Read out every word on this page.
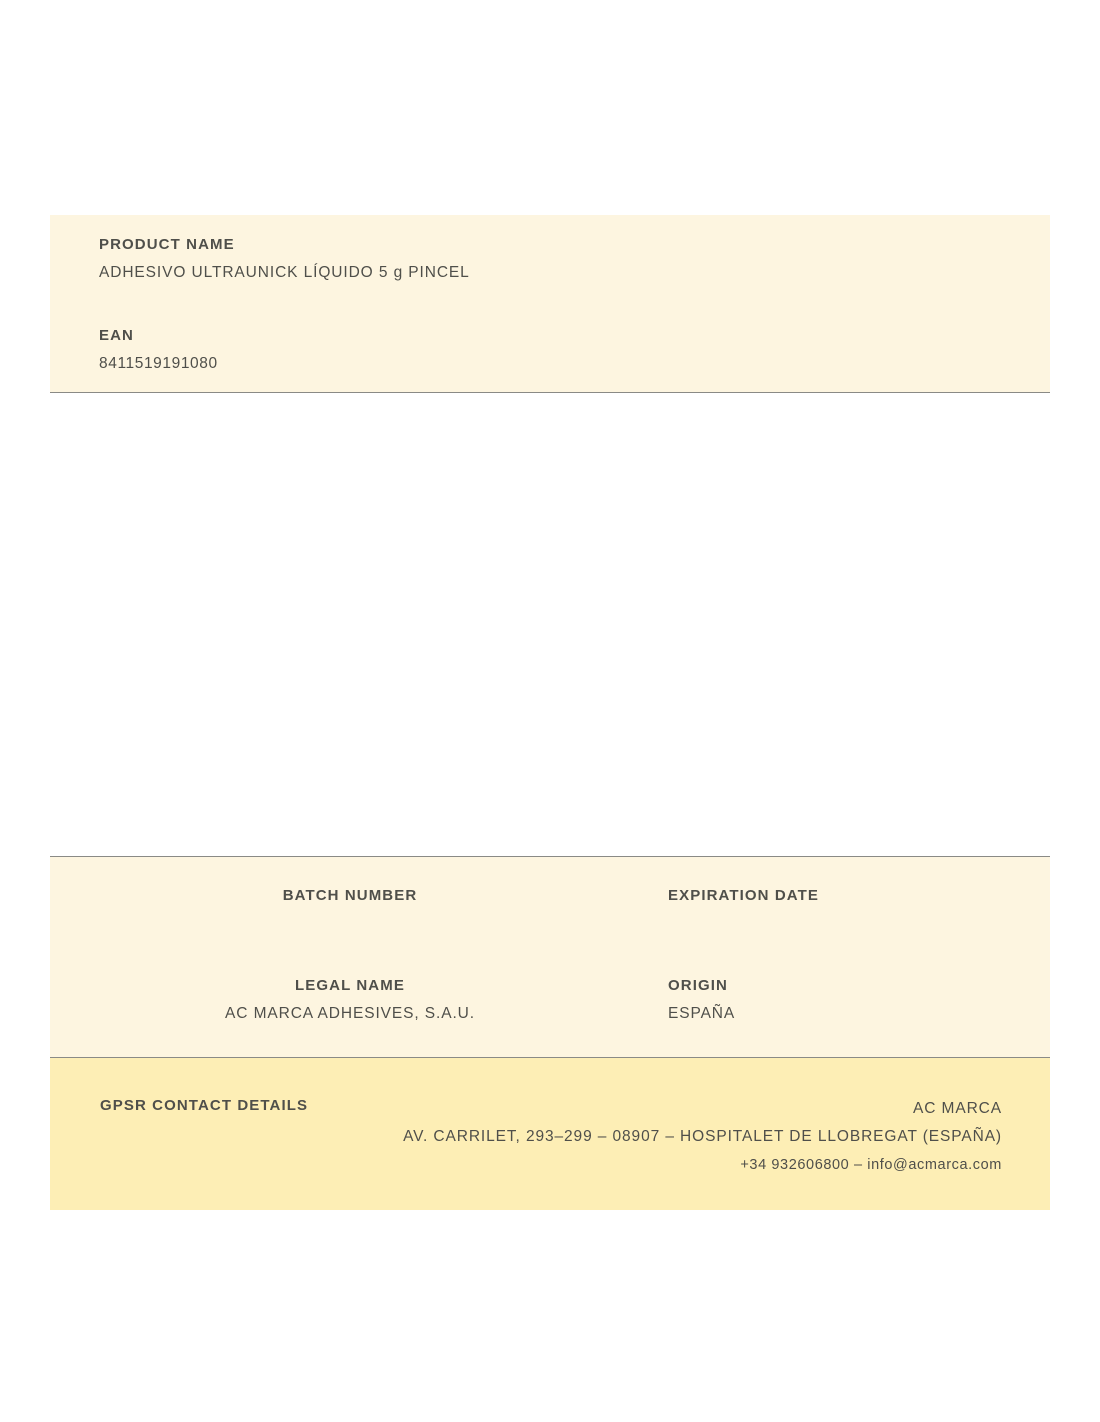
PRODUCT NAME
ADHESIVO ULTRAUNICK LÍQUIDO 5 g PINCEL
EAN
8411519191080
BATCH NUMBER	EXPIRATION DATE
LEGAL NAME
AC MARCA ADHESIVES, S.A.U.
ORIGIN
ESPAÑA
GPSR CONTACT DETAILS	AC MARCA
AV. CARRILET, 293–299 – 08907 – HOSPITALET DE LLOBREGAT (ESPAÑA)
+34 932606800 – info@acmarca.com
